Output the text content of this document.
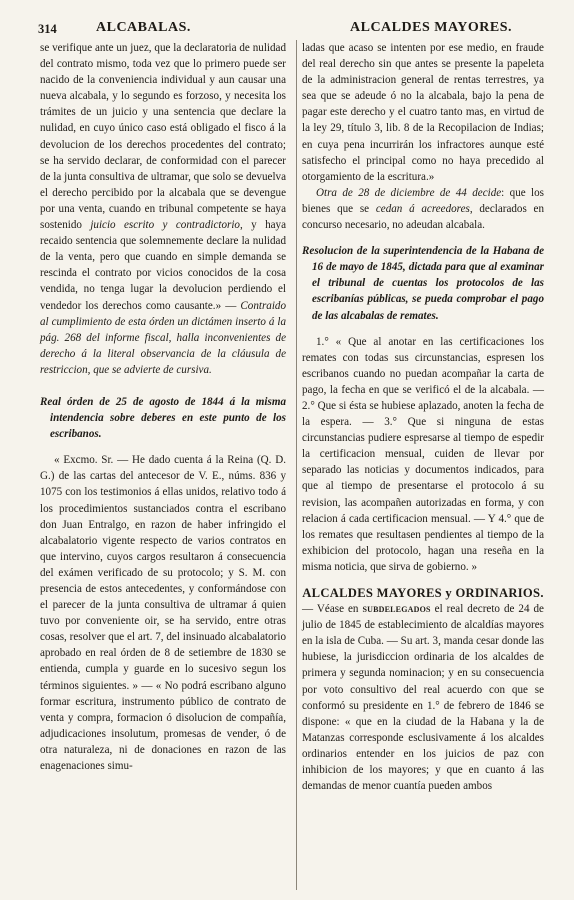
314	ALCABALAS.	ALCALDES MAYORES.

se verifique ante un juez, que la declaratoria de nulidad del contrato mismo, toda vez que lo primero puede ser nacido de la conveniencia individual y aun causar una nueva alcabala, y lo segundo es forzoso, y necesita los trámites de un juicio y una sentencia que declare la nulidad, en cuyo único caso está obligado el fisco á la devolucion de los derechos procedentes del contrato; se ha servido declarar, de conformidad con el parecer de la junta consultiva de ultramar, que solo se devuelva el derecho percibido por la alcabala que se devengue por una venta, cuando en tribunal competente se haya sostenido juicio escrito y contradictorio, y haya recaido sentencia que solemnemente declare la nulidad de la venta, pero que cuando en simple demanda se rescinda el contrato por vicios conocidos de la cosa vendida, no tenga lugar la devolucion perdiendo el vendedor los derechos como causante.» — Contraido al cumplimiento de esta órden un dictámen inserto á la pág. 268 del informe fiscal, halla inconvenientes de derecho á la literal observancia de la cláusula de restriccion, que se advierte de cursiva.

Real órden de 25 de agosto de 1844 á la misma intendencia sobre deberes en este punto de los escribanos.

« Excmo. Sr. — He dado cuenta á la Reina (Q. D. G.) de las cartas del antecesor de V. E., núms. 836 y 1075 con los testimonios á ellas unidos, relativo todo á los procedimientos sustanciados contra el escribano don Juan Entralgo, en razon de haber infringido el alcabalatorio vigente respecto de varios contratos en que intervino, cuyos cargos resultaron á consecuencia del exámen verificado de su protocolo; y S. M. con presencia de estos antecedentes, y conformándose con el parecer de la junta consultiva de ultramar á quien tuvo por conveniente oir, se ha servido, entre otras cosas, resolver que el art. 7, del insinuado alcabalatorio aprobado en real órden de 8 de setiembre de 1830 se entienda, cumpla y guarde en lo sucesivo segun los términos siguientes. » — « No podrá escribano alguno formar escritura, instrumento público de contrato de venta y compra, formacion ó disolucion de compañía, adjudicaciones insolutum, promesas de vender, ó de otra naturaleza, ni de donaciones en razon de las enagenaciones simu-

ladas que acaso se intenten por ese medio, en fraude del real derecho sin que antes se presente la papeleta de la administracion general de rentas terrestres, ya sea que se adeude ó no la alcabala, bajo la pena de pagar este derecho y el cuatro tanto mas, en virtud de la ley 29, título 3, lib. 8 de la Recopilacion de Indias; en cuya pena incurrirán los infractores aunque esté satisfecho el principal como no haya precedido al otorgamiento de la escritura.»

Otra de 28 de diciembre de 44 decide: que los bienes que se cedan á acreedores, declarados en concurso necesario, no adeudan alcabala.

Resolucion de la superintendencia de la Habana de 16 de mayo de 1845, dictada para que al examinar el tribunal de cuentas los protocolos de las escribanías públicas, se pueda comprobar el pago de las alcabalas de remates.

1.° « Que al anotar en las certificaciones los remates con todas sus circunstancias, espresen los escribanos cuando no puedan acompañar la carta de pago, la fecha en que se verificó el de la alcabala. — 2.° Que si ésta se hubiese aplazado, anoten la fecha de la espera. — 3.° Que si ninguna de estas circunstancias pudiere espresarse al tiempo de espedir la certificacion mensual, cuiden de llevar por separado las noticias y documentos indicados, para que al tiempo de presentarse el protocolo á su revision, las acompañen autorizadas en forma, y con relacion á cada certificacion mensual. — Y 4.° que de los remates que resultasen pendientes al tiempo de la exhibicion del protocolo, hagan una reseña en la misma noticia, que sirva de gobierno. »

ALCALDES MAYORES y ORDINARIOS.

— Véase en subdelegados el real decreto de 24 de julio de 1845 de establecimiento de alcaldías mayores en la isla de Cuba. — Su art. 3, manda cesar donde las hubiese, la jurisdiccion ordinaria de los alcaldes de primera y segunda nominacion; y en su consecuencia por voto consultivo del real acuerdo con que se conformó su presidente en 1.° de febrero de 1846 se dispone: « que en la ciudad de la Habana y la de Matanzas corresponde esclusivamente á los alcaldes ordinarios entender en los juicios de paz con inhibicion de los mayores; y que en cuanto á las demandas de menor cuantía pueden ambos
